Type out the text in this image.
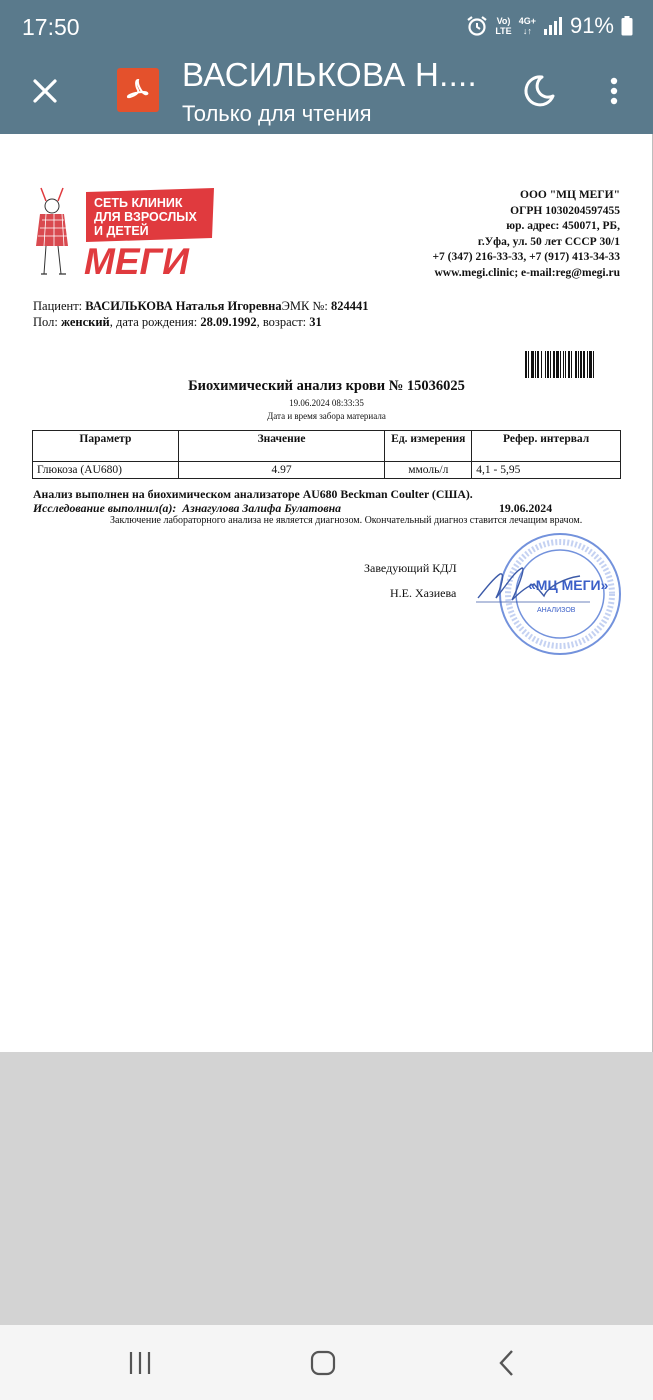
17:50	Vo)
LTE
4G+
↓↑ 91%
ВАСИЛЬКОВА Н....
Только для чтения
СЕТЬ КЛИНИК
ДЛЯ ВЗРОСЛЫХ
И ДЕТЕЙ
МЕГИ
ООО "МЦ МЕГИ"
ОГРН 1030204597455
юр. адрес: 450071, РБ,
г.Уфа, ул. 50 лет СССР 30/1
+7 (347) 216-33-33, +7 (917) 413-34-33
www.megi.clinic; e-mail:reg@megi.ru
Пациент: ВАСИЛЬКОВА Наталья ИгоревнаЭМК №: 824441
Пол: женский, дата рождения: 28.09.1992, возраст: 31
Биохимический анализ крови № 15036025
19.06.2024 08:33:35
Дата и время забора материала
Параметр	Значение	Ед. измерения	Рефер. интервал
Глюкоза (AU680)	4.97	ммоль/л	4,1 - 5,95
Анализ выполнен на биохимическом анализаторе AU680 Beckman Coulter (США).
Исследование выполнил(а): Азнагулова Залифа Булатовна	19.06.2024
Заключение лабораторного анализа не является диагнозом. Окончательный диагноз ставится лечащим врачом.
Заведующий КДЛ
Н.Е. Хазиева	«МЦ МЕГИ»
АНАЛИЗОВ
